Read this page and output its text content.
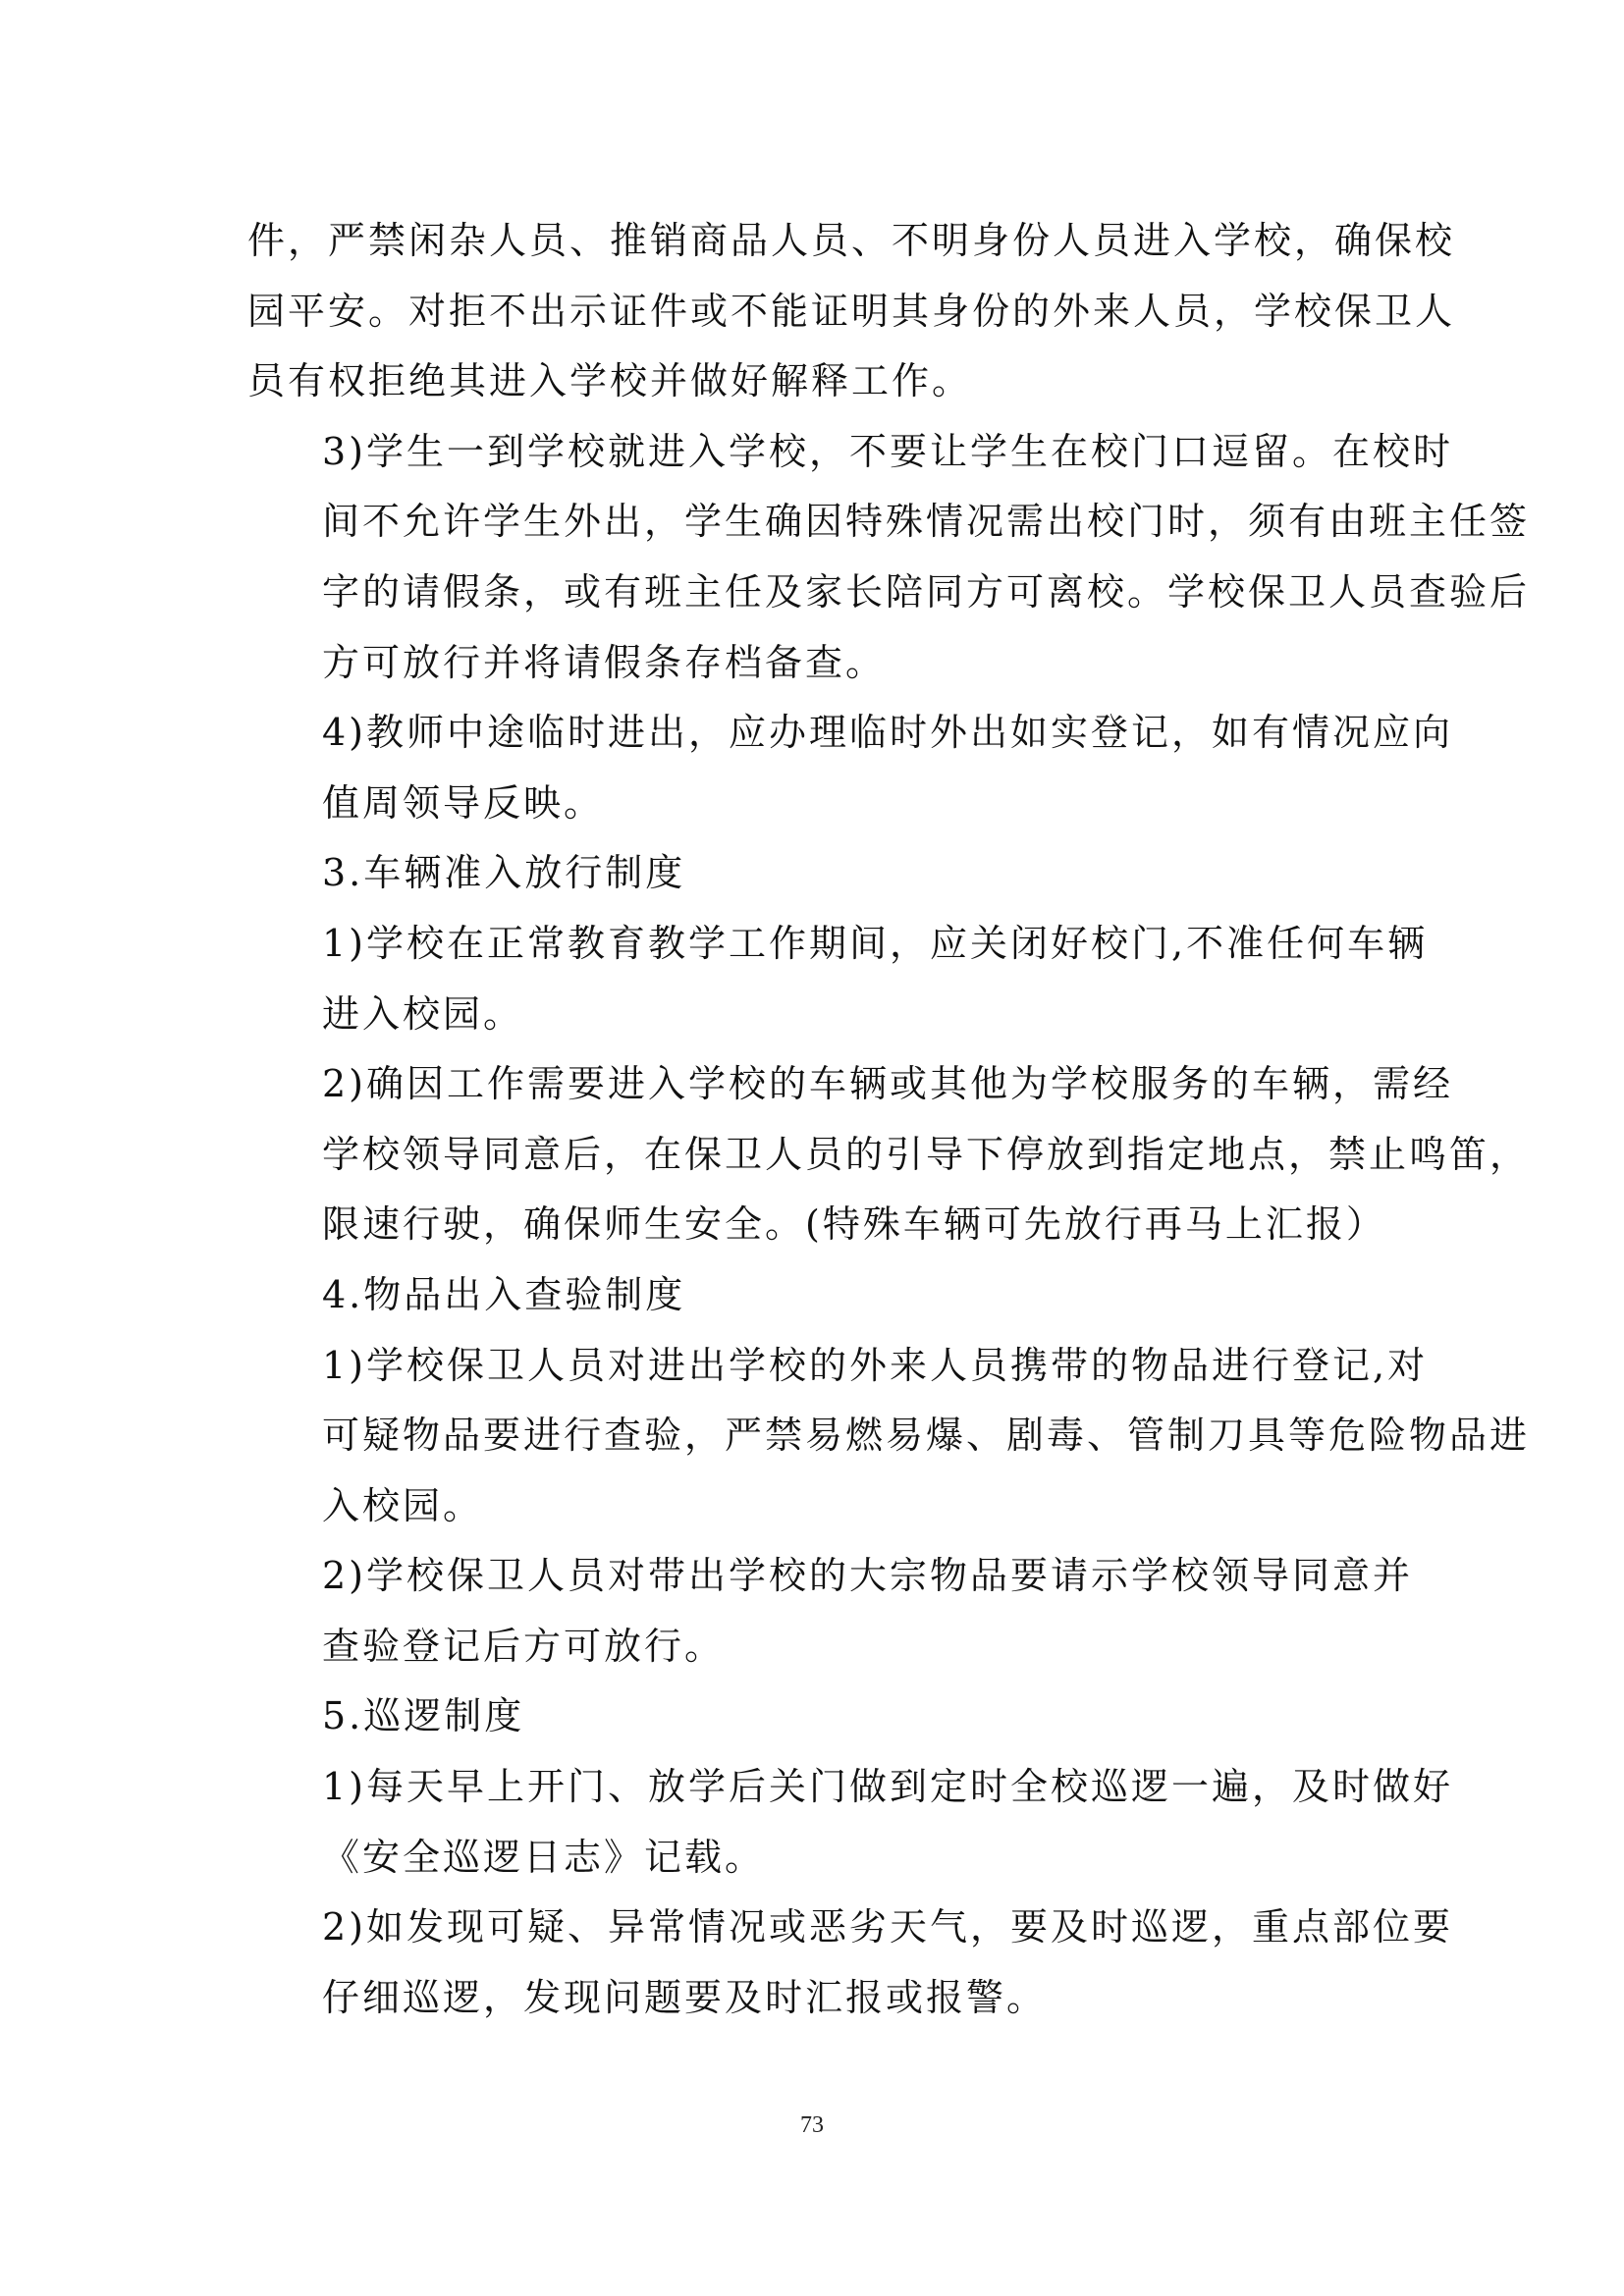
件，严禁闲杂人员、推销商品人员、不明身份人员进入学校，确保校
园平安。对拒不出示证件或不能证明其身份的外来人员，学校保卫人
员有权拒绝其进入学校并做好解释工作。

3)学生一到学校就进入学校，不要让学生在校门口逗留。在校时
间不允许学生外出，学生确因特殊情况需出校门时，须有由班主任签
字的请假条，或有班主任及家长陪同方可离校。学校保卫人员查验后
方可放行并将请假条存档备查。

4)教师中途临时进出，应办理临时外出如实登记，如有情况应向
值周领导反映。

3.车辆准入放行制度

1)学校在正常教育教学工作期间，应关闭好校门,不准任何车辆
进入校园。

2)确因工作需要进入学校的车辆或其他为学校服务的车辆，需经
学校领导同意后，在保卫人员的引导下停放到指定地点，禁止鸣笛，
限速行驶，确保师生安全。(特殊车辆可先放行再马上汇报）

4.物品出入查验制度

1)学校保卫人员对进出学校的外来人员携带的物品进行登记,对
可疑物品要进行查验，严禁易燃易爆、剧毒、管制刀具等危险物品进
入校园。

2)学校保卫人员对带出学校的大宗物品要请示学校领导同意并
查验登记后方可放行。

5.巡逻制度

1)每天早上开门、放学后关门做到定时全校巡逻一遍，及时做好
《安全巡逻日志》记载。

2)如发现可疑、异常情况或恶劣天气，要及时巡逻，重点部位要
仔细巡逻，发现问题要及时汇报或报警。

73
